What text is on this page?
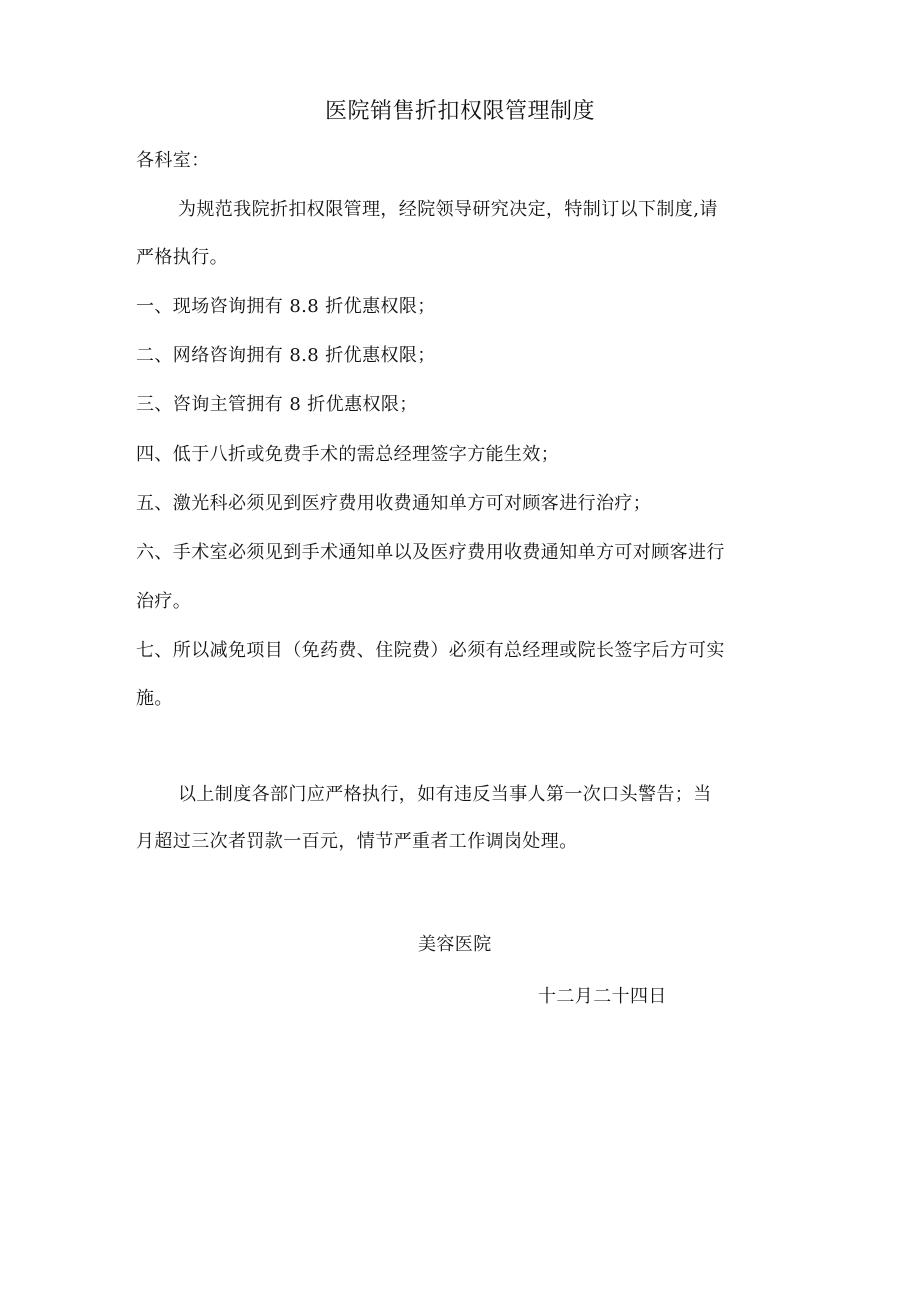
医院销售折扣权限管理制度
各科室：
为规范我院折扣权限管理，经院领导研究决定，特制订以下制度,请
严格执行。
一、现场咨询拥有 8.8 折优惠权限；
二、网络咨询拥有 8.8 折优惠权限；
三、咨询主管拥有 8 折优惠权限；
四、低于八折或免费手术的需总经理签字方能生效；
五、激光科必须见到医疗费用收费通知单方可对顾客进行治疗；
六、手术室必须见到手术通知单以及医疗费用收费通知单方可对顾客进行
治疗。
七、所以减免项目（免药费、住院费）必须有总经理或院长签字后方可实
施。
以上制度各部门应严格执行，如有违反当事人第一次口头警告；当
月超过三次者罚款一百元，情节严重者工作调岗处理。
美容医院
十二月二十四日
